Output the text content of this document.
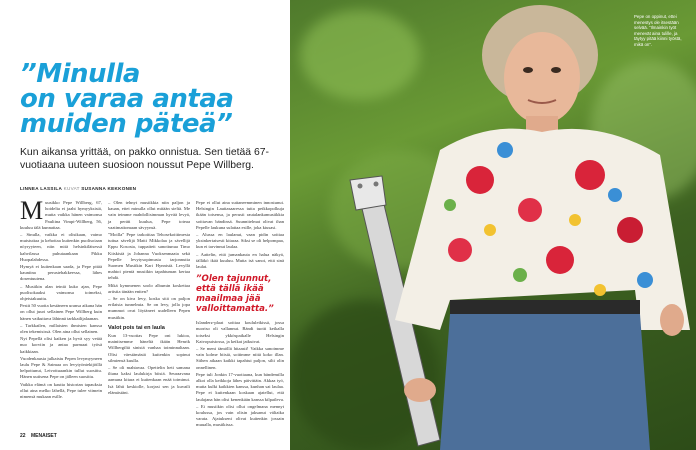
”Minulla
on varaa antaa
muiden päteä”
Kun aikansa yrittää, on pakko onnistua. Sen tietää 67-vuotiaana uuteen suosioon noussut Pepe Willberg.
LINNEA LASSILA KUVAT SUSANNA KEKKONEN
M uusikko Pepe Willberg, 67, hoidelta ei jaaht hymyyksistä, mutta vaikka hänen vaimonsa Pauliina Vimpi-Willberg, 56, kuuluu tälä kunnattaa.

– Sinulla, vaikka ei olisikaan, vaimo muistuttaa ja kehottaa kuitenkin puolisoiaan nöyryyteen, niin mitä helsinkiläisessä kahvilassa puhutaankaan Pikku Huopalahdessa.

Hymyä ei kuitenkaan saada, ja Pepe pitää kauniina perustehakkeessa, lähes dosentuutena.

– Musiikin alan teiniä kuko ajan, Pepe puolisokaaksi vaimonsa toimeksi, ohjeistakuuttu.

Pestit 50 vuotta kestäneen uransa aikana hän on ollut juuri sellainen Pepe Willberg kuin hänen vaikuttava lähinnä tarkkailijalaanan.

– Tarkkailen, millaisten ihmisten kanssa olen tekemisissä. Olen aina ollut sellainen.

Nyt Pepellä olisi kaiken ja hyvä syy vetää nuo korviin ja antaa parmaat työsä kaikkiaan.

Vuodenkausia julkaistu Pepen levymyyneen laulu Pepe & Saimaa on levytyöntekijöillä helpottunut, Leivottuaankin tullut suosittu. Hänen uutisena Pepe on jälleen suosittu.

Vaikka elämä on kautta historian tapauksia ollut aina melko lähellä, Pepe tulee viimein nimensä mukaan esille.

– Olen tehnyt musiikkia niin paljon ja kauan, ettei minulla ollut mitään sieltä. Me vain teimme mahdollisimman hyvää levyä, ja peräti kuulua, Pepe toteaa vaatimattomaan sävyynsä.

”Moilla” Pepe tarkoittaa Tehosekoittimesta tuttua sävelijä Matti Mikkolaa ja sävellijä Eppu Kososta, tuppaiteit sanottunua Timo Kiiskistä ja Johanna Vuoksenmaata sekä Pepelle levytysopimusta tarjonnutta Suomen Musiikin Kari Hynnistä. Levyllä mahtoi pientä musiikin tapahtuman kertaa tehdä.

Mikä kymmenen soolo albumin koskettaa artistia tänään eniten?

– Se on kiva levy, koska sitä on paljon erilaisia tunnelmia. Se on levy, jolla jopa mummot ovat löytäneet uudelleen Pepen musiikin.

Valot pois tai en laula

Kun 13-vuotias Pepe oni lukioa, mainitsemme häneltä ikään Henrik Willbergiltä sinistä vanhaa toiminnaltaan. Olisi väestämästä kuitenkin sopinut silmiensä kuulla.

– Se oli mahtavaa. Opettelin heti samana iltana kaksi laulukirja biisiä. Seuraavana aamuna kitara ei kuitenkaan enää toiminut. Isä lähti keskiolle, korjasi sen ja kuvaili elämästäni.

Pepe ei ollut aina suttaneemminen innostunut. Helsingin Lauttasaaressa tutta peikkopolkuja ikään toisensa, ja perusti rautalankamusiikkia soittavan bändinsä. Suunnitelmat olivat ihan Pepelle laukuna sulattaa esille, joka kiusasi.

– Alussa en laulanut, vaan pidin soittaa yksinkertaisesti kitaraa. Siksi se oli helpompaa, kun ei tarvinnut laulaa.

– Aattelin, että jumankauta en halua näkyä, tälläkö ikää kuuluu. Mutta isä sanoi, että sinä laulat.

”Olen tajunnut, että tällä ikää maailmaa jää valloittamatta.”

Islanderz-plaat soittaa koululeikissä, jossa nuoriso oli vallannut. Bändi tuotti keikalla toiseksi ykköspaikalle Helsingin Kaivopuistossa, ja keikat jatkuivat.

– Se meni tämöllä hitaasti! Vaikka sanoimme vain kolme biisiä, soitimme niitä koko illan. Siihen aikaan kaikki tapahtui paljon, silti olin onnellinen.

Pepe tuli Jonkin 17-vuotiaana, kun bändemilla alkoi olla keikkoja lähes päivittäin. Akkaa työ, mutta kulki kaikkien kanssa, kunhan sai laulaa. Pepe ei kuitenkaan koskaan ajatellut, että laulajana hän olisi kenenkään kanssa kilpaileva.

– Ei musiikin olisi ollut ongelmana mennyt koulussa, jos vain olisin jaksanut väliaika varata. Ajatukseni olivat kuitenkin jossain muualla, musiikissa.

22 MENAISET
Pepe on oppinut, ettei menestys ole itsestään selvää. ”Ilmainkin työt menevät aina tulille, ja täytyy pitää kiinni työstä, mikä on”.
